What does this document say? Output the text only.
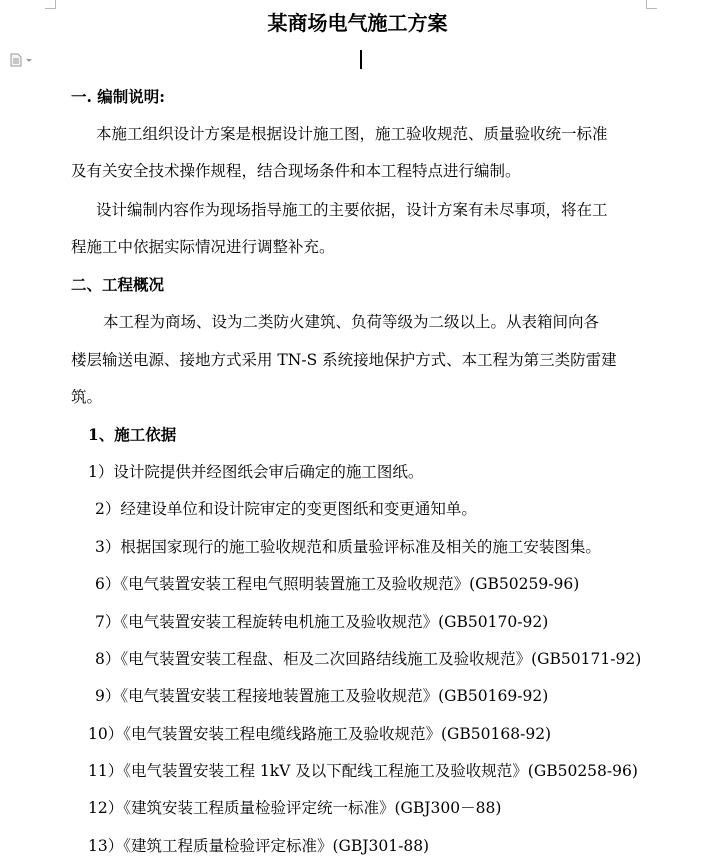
某商场电气施工方案
一. 编制说明:
本施工组织设计方案是根据设计施工图，施工验收规范、质量验收统一标准
及有关安全技术操作规程，结合现场条件和本工程特点进行编制。
设计编制内容作为现场指导施工的主要依据，设计方案有未尽事项，将在工
程施工中依据实际情况进行调整补充。
二、工程概况
本工程为商场、设为二类防火建筑、负荷等级为二级以上。从表箱间向各
楼层输送电源、接地方式采用 TN-S 系统接地保护方式、本工程为第三类防雷建
筑。
1、施工依据
1）设计院提供并经图纸会审后确定的施工图纸。
2）经建设单位和设计院审定的变更图纸和变更通知单。
3）根据国家现行的施工验收规范和质量验评标准及相关的施工安装图集。
6）《电气装置安装工程电气照明装置施工及验收规范》(GB50259-96)
7）《电气装置安装工程旋转电机施工及验收规范》(GB50170-92)
8）《电气装置安装工程盘、柜及二次回路结线施工及验收规范》(GB50171-92)
9）《电气装置安装工程接地装置施工及验收规范》(GB50169-92)
10）《电气装置安装工程电缆线路施工及验收规范》(GB50168-92)
11）《电气装置安装工程 1kV 及以下配线工程施工及验收规范》(GB50258-96)
12）《建筑安装工程质量检验评定统一标准》(GBJ300－88)
13）《建筑工程质量检验评定标准》(GBJ301-88)
